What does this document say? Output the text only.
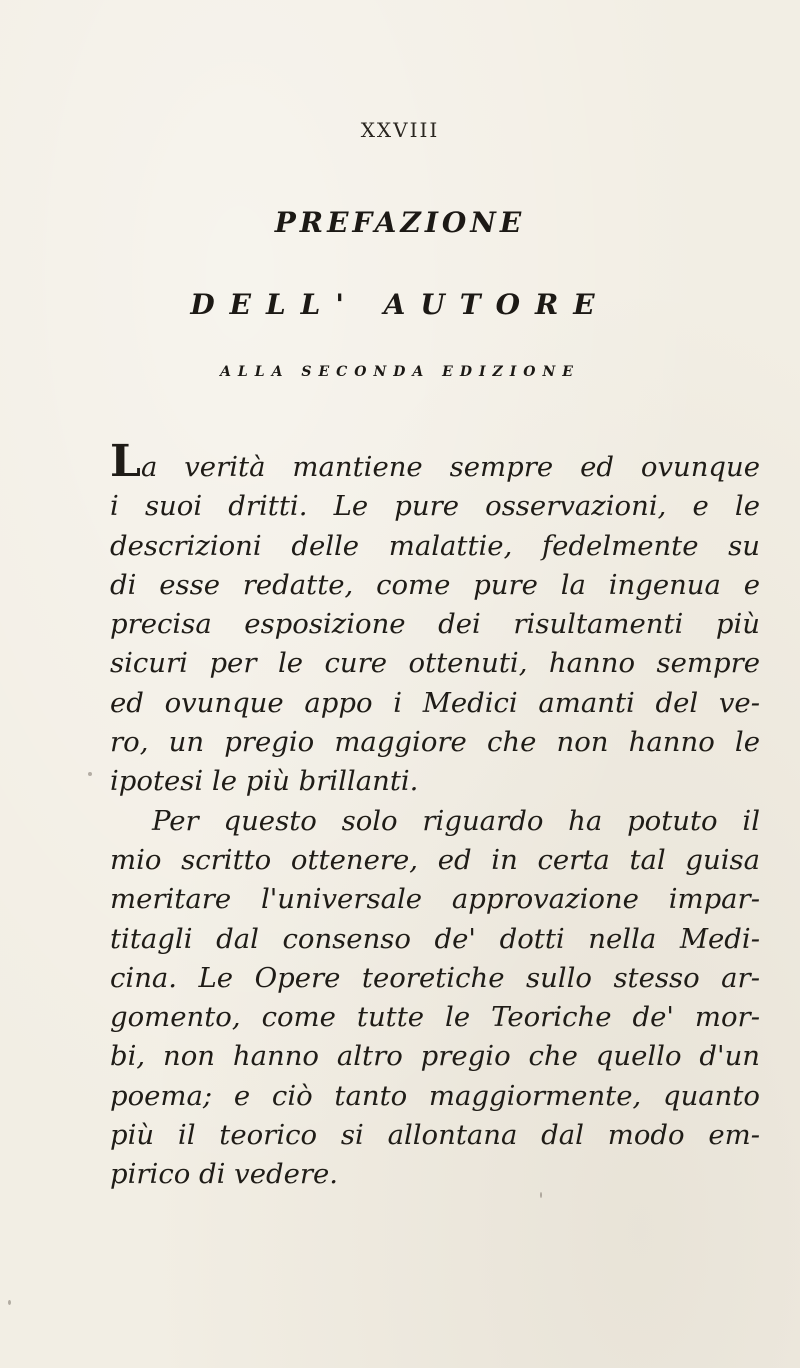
XXVIII
PREFAZIONE
DELL' AUTORE
ALLA SECONDA EDIZIONE
La verità mantiene sempre ed ovunque
i suoi dritti. Le pure osservazioni, e le
descrizioni delle malattie, fedelmente su
di esse redatte, come pure la ingenua e
precisa esposizione dei risultamenti più
sicuri per le cure ottenuti, hanno sempre
ed ovunque appo i Medici amanti del ve-
ro, un pregio maggiore che non hanno le
ipotesi le più brillanti.
Per questo solo riguardo ha potuto il
mio scritto ottenere, ed in certa tal guisa
meritare l'universale approvazione impar-
titagli dal consenso de' dotti nella Medi-
cina. Le Opere teoretiche sullo stesso ar-
gomento, come tutte le Teoriche de' mor-
bi, non hanno altro pregio che quello d'un
poema; e ciò tanto maggiormente, quanto
più il teorico si allontana dal modo em-
pirico di vedere.
